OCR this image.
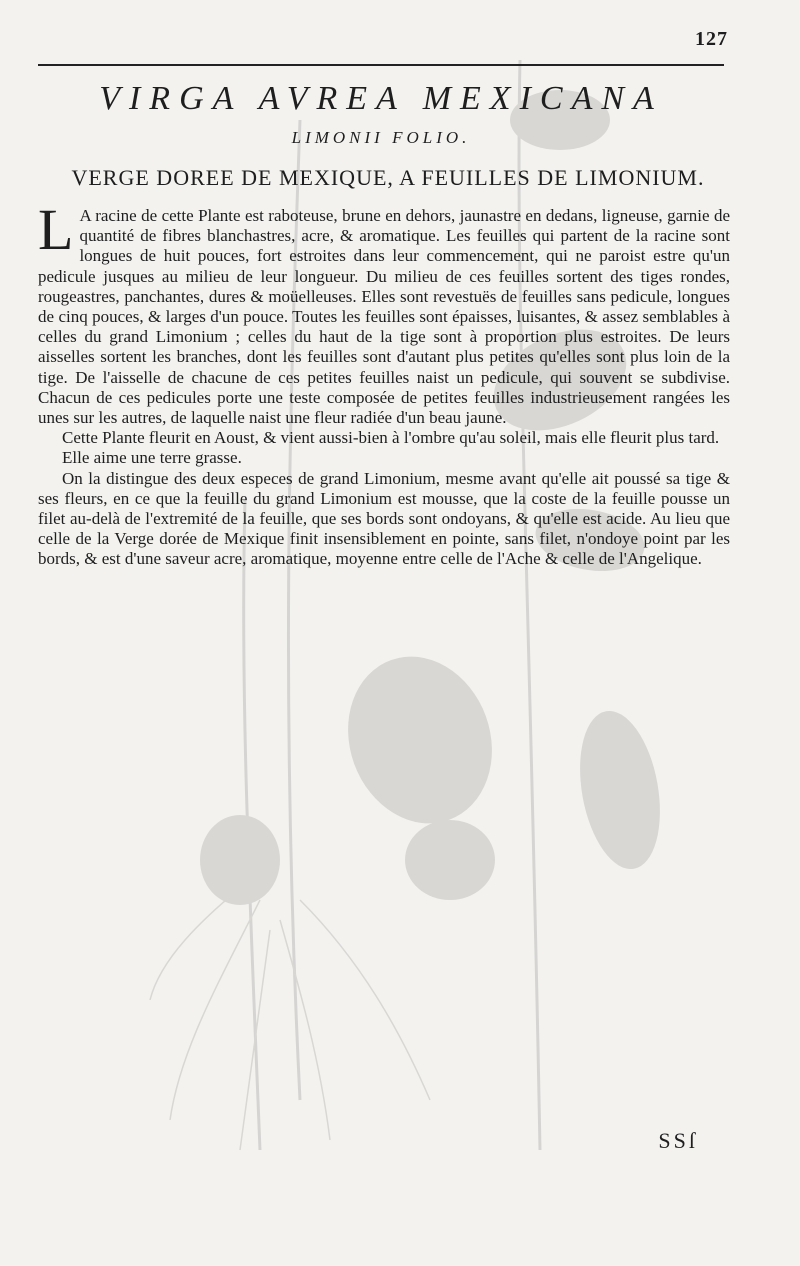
127
VIRGA AVREA MEXICANA
LIMONII FOLIO.
VERGE DOREE DE MEXIQUE, A FEUILLES DE LIMONIUM.

L A racine de cette Plante est raboteuse, brune en dehors, jaunastre en dedans, ligneuse, garnie de quantité de fibres blanchastres, acre, & aromatique. Les feuilles qui partent de la racine sont longues de huit pouces, fort estroites dans leur commencement, qui ne paroist estre qu'un pedicule jusques au milieu de leur longueur. Du milieu de ces feuilles sortent des tiges rondes, rougeastres, panchantes, dures & moüelleuses. Elles sont revestuës de feuilles sans pedicule, longues de cinq pouces, & larges d'un pouce. Toutes les feuilles sont épaisses, luisantes, & assez semblables à celles du grand Limonium ; celles du haut de la tige sont à proportion plus estroites. De leurs aisselles sortent les branches, dont les feuilles sont d'autant plus petites qu'elles sont plus loin de la tige. De l'aisselle de chacune de ces petites feuilles naist un pedicule, qui souvent se subdivise. Chacun de ces pedicules porte une teste composée de petites feuilles industrieusement rangées les unes sur les autres, de laquelle naist une fleur radiée d'un beau jaune.

Cette Plante fleurit en Aoust, & vient aussi-bien à l'ombre qu'au soleil, mais elle fleurit plus tard.

Elle aime une terre grasse.

On la distingue des deux especes de grand Limonium, mesme avant qu'elle ait poussé sa tige & ses fleurs, en ce que la feuille du grand Limonium est mousse, que la coste de la feuille pousse un filet au-delà de l'extremité de la feuille, que ses bords sont ondoyans, & qu'elle est acide. Au lieu que celle de la Verge dorée de Mexique finit insensiblement en pointe, sans filet, n'ondoye point par les bords, & est d'une saveur acre, aromatique, moyenne entre celle de l'Ache & celle de l'Angelique.

SSſ
